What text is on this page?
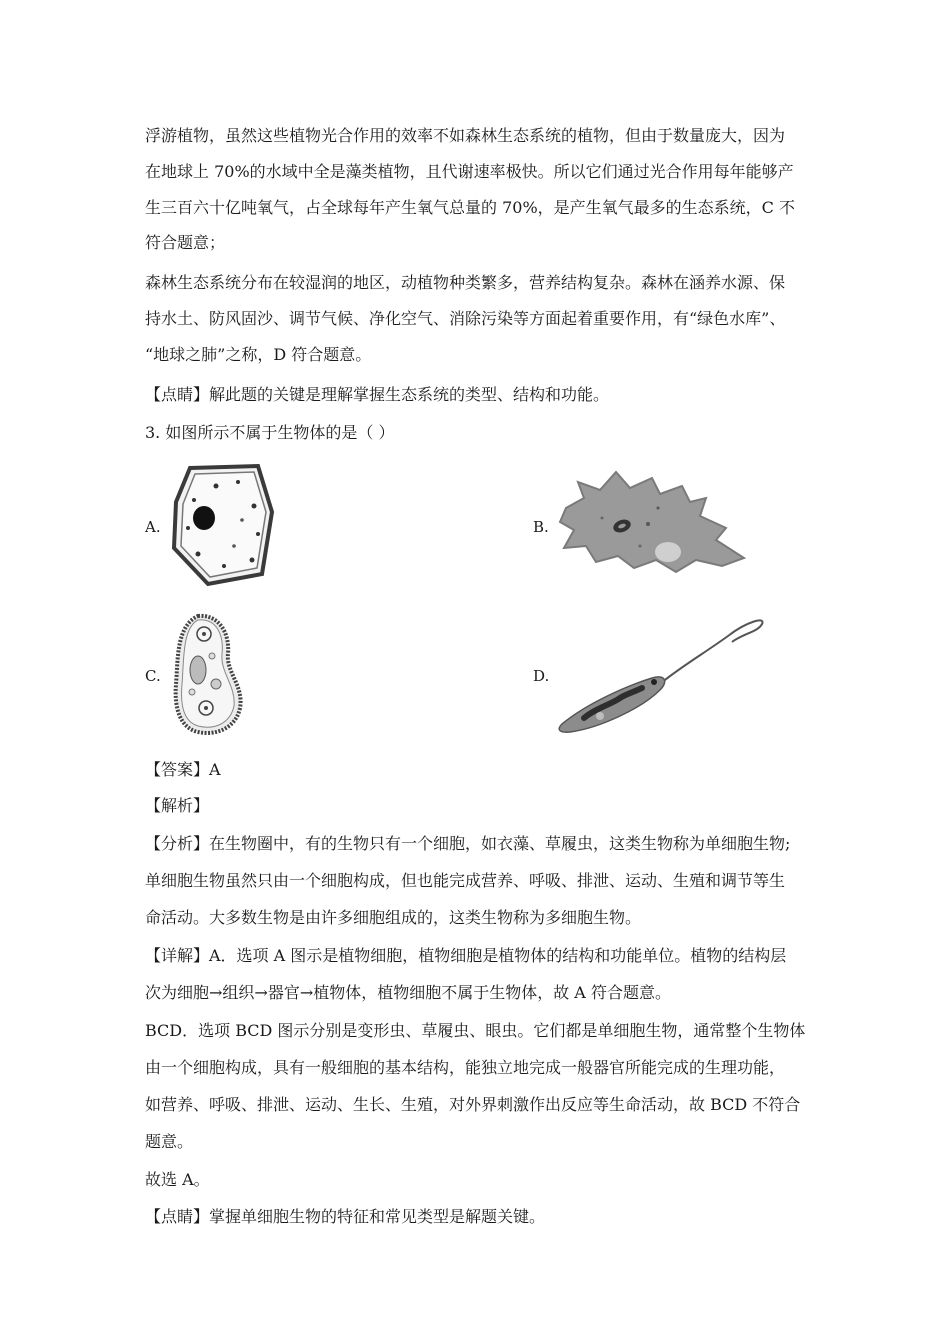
浮游植物，虽然这些植物光合作用的效率不如森林生态系统的植物，但由于数量庞大，因为
在地球上 70%的水域中全是藻类植物，且代谢速率极快。所以它们通过光合作用每年能够产
生三百六十亿吨氧气，占全球每年产生氧气总量的 70%，是产生氧气最多的生态系统，C 不
符合题意；
森林生态系统分布在较湿润的地区，动植物种类繁多，营养结构复杂。森林在涵养水源、保
持水土、防风固沙、调节气候、净化空气、消除污染等方面起着重要作用，有“绿色水库”、
“地球之肺”之称，D 符合题意。
【点睛】解此题的关键是理解掌握生态系统的类型、结构和功能。
3. 如图所示不属于生物体的是（ ）
A.	B.
C.	D.
【答案】A
【解析】
【分析】在生物圈中，有的生物只有一个细胞，如衣藻、草履虫，这类生物称为单细胞生物;
单细胞生物虽然只由一个细胞构成，但也能完成营养、呼吸、排泄、运动、生殖和调节等生
命活动。大多数生物是由许多细胞组成的，这类生物称为多细胞生物。
【详解】A．选项 A 图示是植物细胞，植物细胞是植物体的结构和功能单位。植物的结构层
次为细胞→组织→器官→植物体，植物细胞不属于生物体，故 A 符合题意。
BCD．选项 BCD 图示分别是变形虫、草履虫、眼虫。它们都是单细胞生物，通常整个生物体
由一个细胞构成，具有一般细胞的基本结构，能独立地完成一般器官所能完成的生理功能，
如营养、呼吸、排泄、运动、生长、生殖，对外界刺激作出反应等生命活动，故 BCD 不符合
题意。
故选 A。
【点睛】掌握单细胞生物的特征和常见类型是解题关键。
